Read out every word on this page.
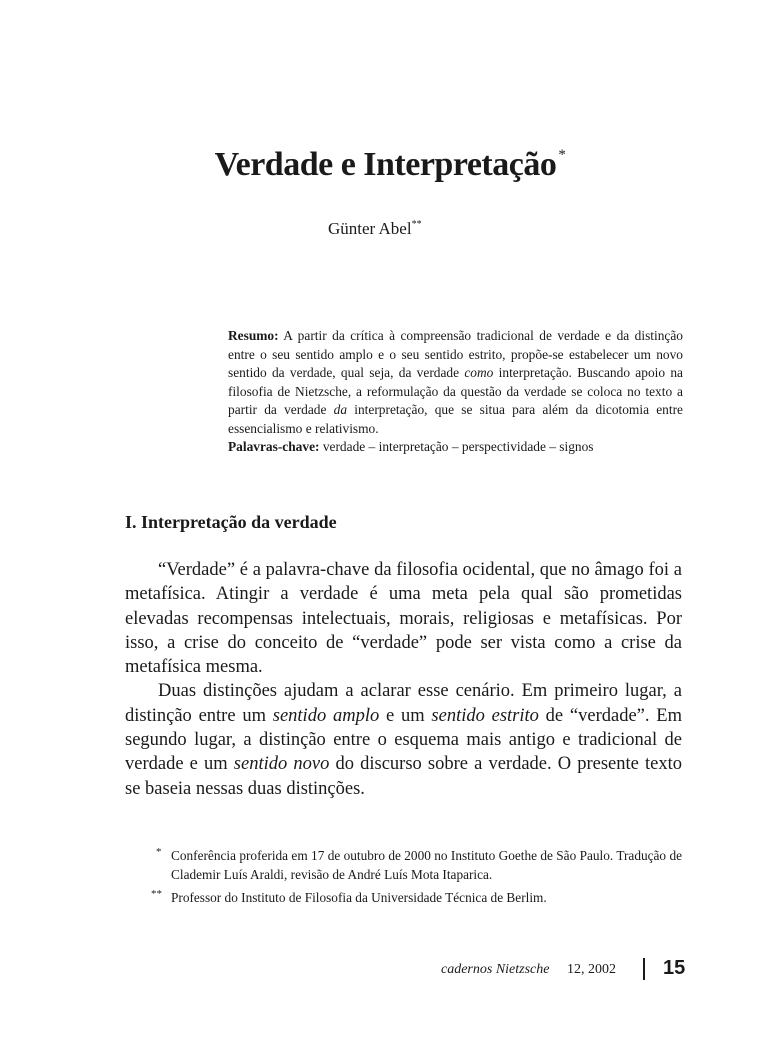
Verdade e Interpretação *
Günter Abel**

Resumo: A partir da crítica à compreensão tradicional de verdade e da distinção entre o seu sentido amplo e o seu sentido estrito, propõe-se estabelecer um novo sentido da verdade, qual seja, da verdade como interpretação. Buscando apoio na filosofia de Nietzsche, a reformulação da questão da verdade se coloca no texto a partir da verdade da interpretação, que se situa para além da dicotomia entre essencialismo e relativismo.

Palavras-chave: verdade – interpretação – perspectividade – signos

I. Interpretação da verdade

“Verdade” é a palavra-chave da filosofia ocidental, que no âmago foi a metafísica. Atingir a verdade é uma meta pela qual são prometidas elevadas recompensas intelectuais, morais, religiosas e metafísicas. Por isso, a crise do conceito de “verdade” pode ser vista como a crise da metafísica mesma.

Duas distinções ajudam a aclarar esse cenário. Em primeiro lugar, a distinção entre um sentido amplo e um sentido estrito de “verdade”. Em segundo lugar, a distinção entre o esquema mais antigo e tradicional de verdade e um sentido novo do discurso sobre a verdade. O presente texto se baseia nessas duas distinções.

* Conferência proferida em 17 de outubro de 2000 no Instituto Goethe de São Paulo. Tradução de Clademir Luís Araldi, revisão de André Luís Mota Itaparica.
** Professor do Instituto de Filosofia da Universidade Técnica de Berlim.
cadernos Nietzsche 12, 2002 15
